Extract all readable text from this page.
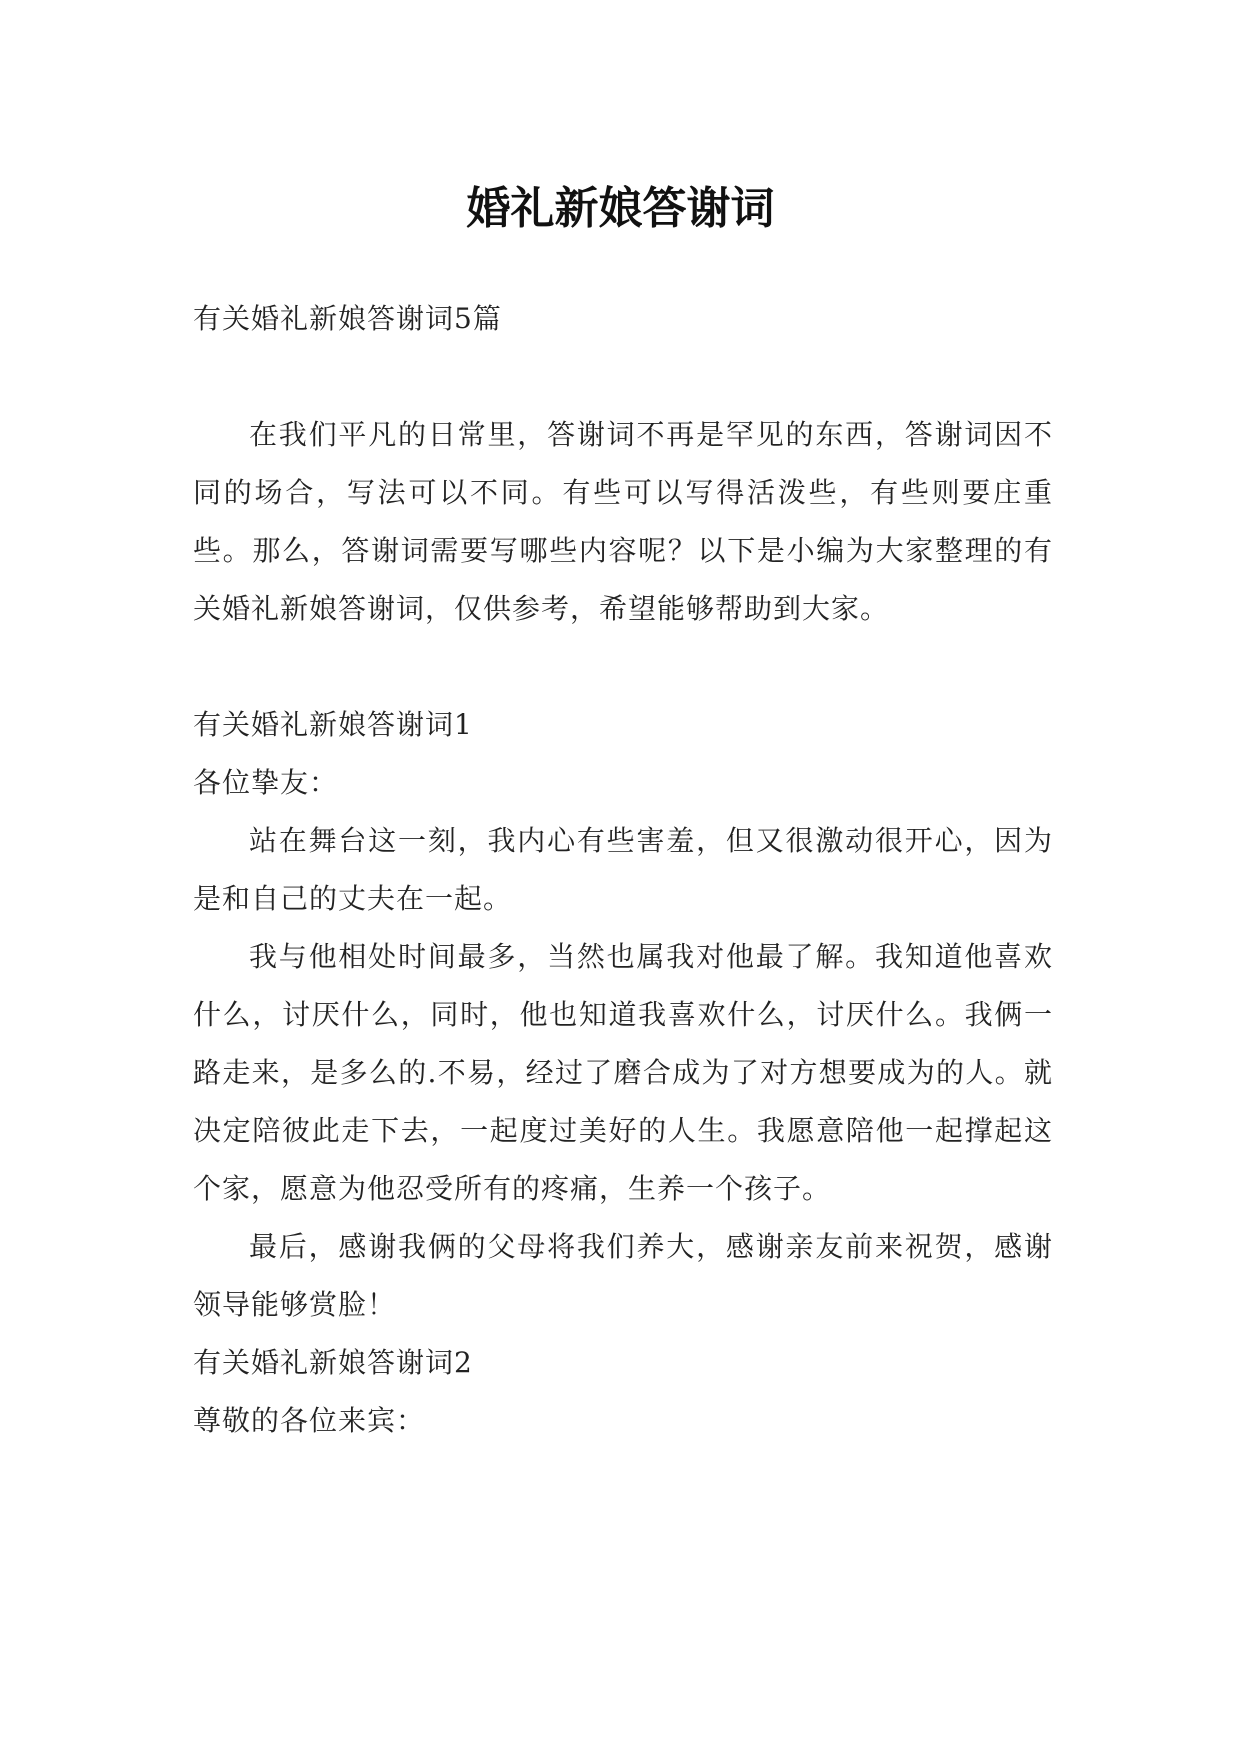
婚礼新娘答谢词

有关婚礼新娘答谢词5篇

在我们平凡的日常里，答谢词不再是罕见的东西，答谢词因不同的场合，写法可以不同。有些可以写得活泼些，有些则要庄重些。那么，答谢词需要写哪些内容呢？以下是小编为大家整理的有关婚礼新娘答谢词，仅供参考，希望能够帮助到大家。

有关婚礼新娘答谢词1

各位挚友：

站在舞台这一刻，我内心有些害羞，但又很激动很开心，因为是和自己的丈夫在一起。

我与他相处时间最多，当然也属我对他最了解。我知道他喜欢什么，讨厌什么，同时，他也知道我喜欢什么，讨厌什么。我俩一路走来，是多么的.不易，经过了磨合成为了对方想要成为的人。就决定陪彼此走下去，一起度过美好的人生。我愿意陪他一起撑起这个家，愿意为他忍受所有的疼痛，生养一个孩子。

最后，感谢我俩的父母将我们养大，感谢亲友前来祝贺，感谢领导能够赏脸！

有关婚礼新娘答谢词2

尊敬的各位来宾：
